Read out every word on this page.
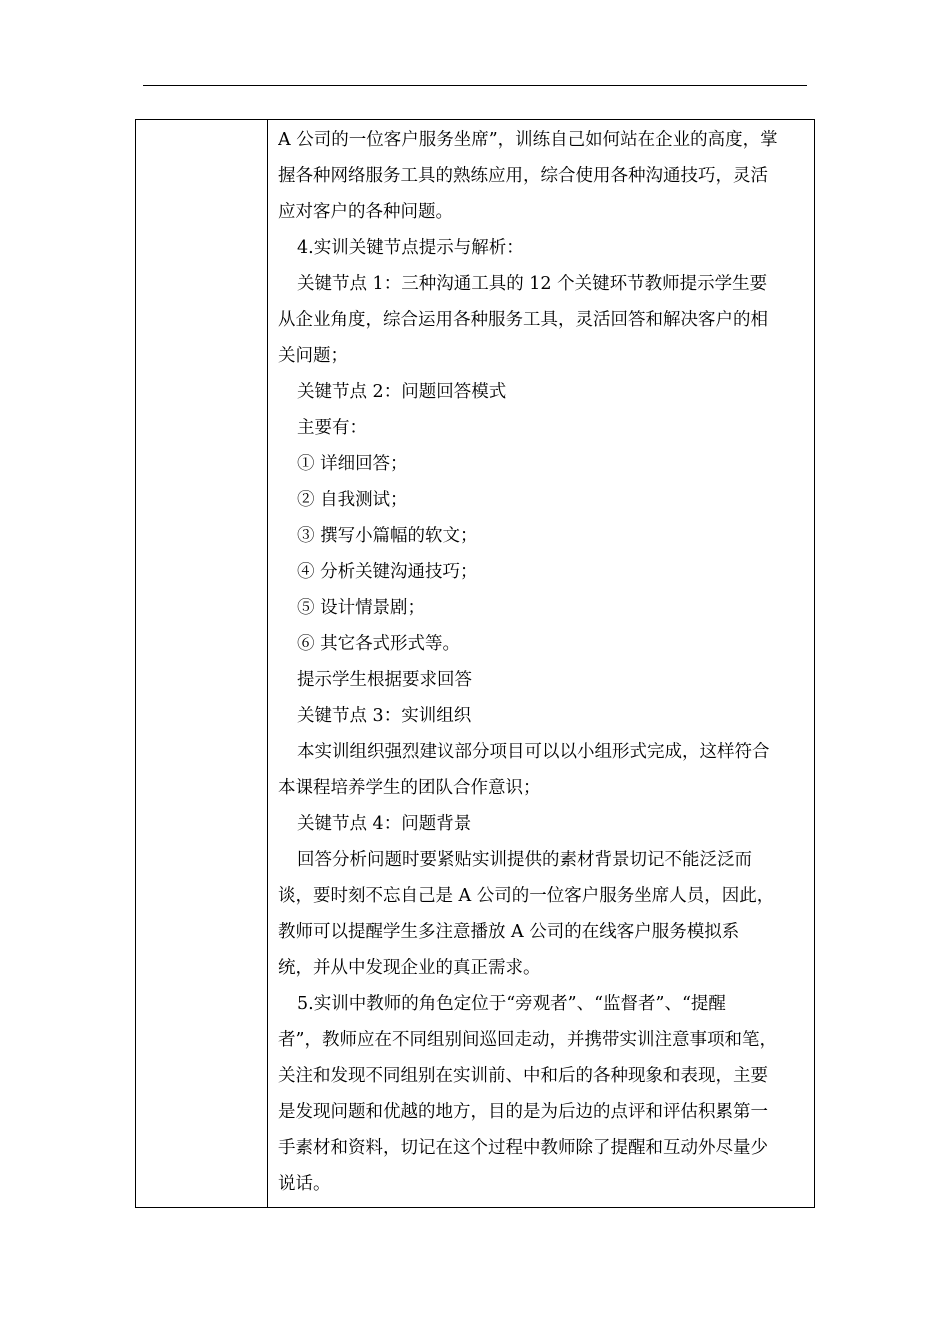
A 公司的一位客户服务坐席”，训练自己如何站在企业的高度，掌
握各种网络服务工具的熟练应用，综合使用各种沟通技巧，灵活
应对客户的各种问题。
4.实训关键节点提示与解析：
关键节点 1：三种沟通工具的 12 个关键环节教师提示学生要
从企业角度，综合运用各种服务工具，灵活回答和解决客户的相
关问题；
关键节点 2：问题回答模式
主要有：
① 详细回答；
② 自我测试；
③ 撰写小篇幅的软文；
④ 分析关键沟通技巧；
⑤ 设计情景剧；
⑥ 其它各式形式等。
提示学生根据要求回答
关键节点 3：实训组织
本实训组织强烈建议部分项目可以以小组形式完成，这样符合
本课程培养学生的团队合作意识；
关键节点 4：问题背景
回答分析问题时要紧贴实训提供的素材背景切记不能泛泛而
谈，要时刻不忘自己是 A 公司的一位客户服务坐席人员，因此，
教师可以提醒学生多注意播放 A 公司的在线客户服务模拟系
统，并从中发现企业的真正需求。
5.实训中教师的角色定位于“旁观者”、“监督者”、“提醒
者”，教师应在不同组别间巡回走动，并携带实训注意事项和笔，
关注和发现不同组别在实训前、中和后的各种现象和表现，主要
是发现问题和优越的地方，目的是为后边的点评和评估积累第一
手素材和资料，切记在这个过程中教师除了提醒和互动外尽量少
说话。
